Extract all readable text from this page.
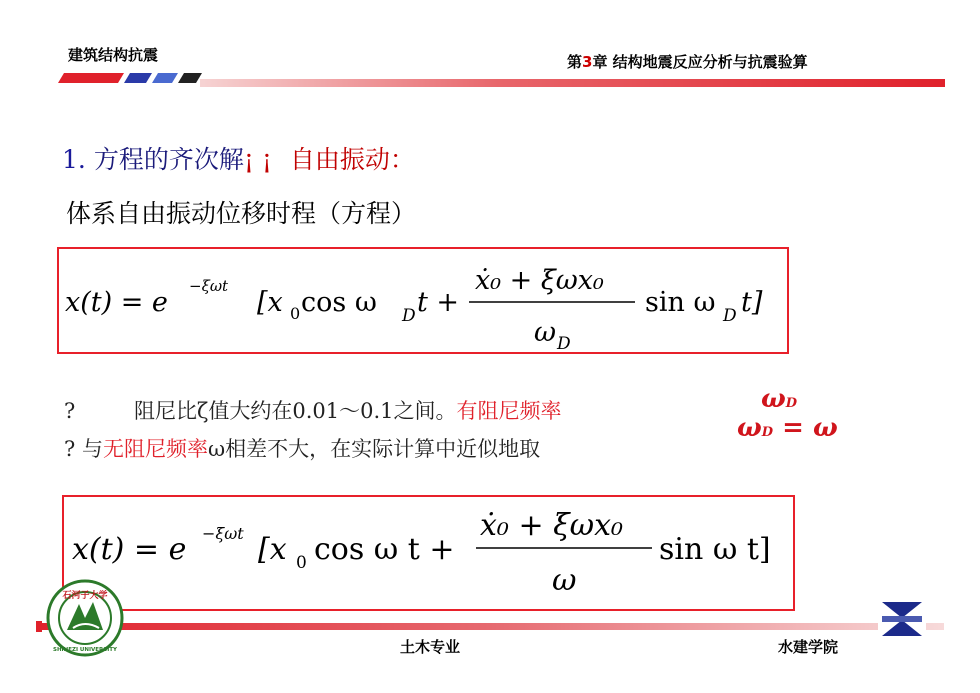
建筑结构抗震	第3章 结构地震反应分析与抗震验算
1. 方程的齐次解¡ ¡ 自由振动：
体系自由振动位移时程（方程）
x(t) = e
−ξωt
[x 0 cos ω D t +
ẋ₀ + ξωx₀
ω D
sin ω D t]
?	阻尼比ζ值大约在0.01～0.1之间。有阻尼频率
? 与无阻尼频率ω相差不大，在实际计算中近似地取
ωD
ωD = ω
x(t) = e −ξωt [x 0 cos ω t +
ẋ₀ + ξωx₀
ω
sin ω t]
土木专业	水建学院
石河子大学
SHIHEZI UNIVERSITY
